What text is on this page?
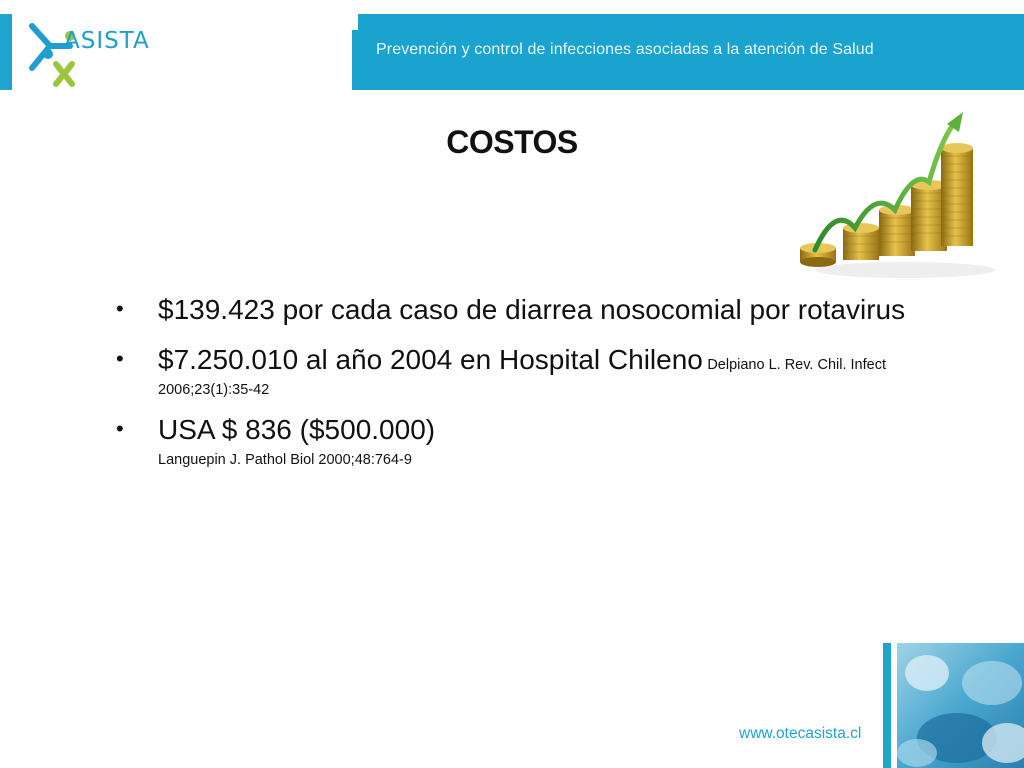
ASISTA	Prevención y control de infecciones asociadas a la atención de Salud
COSTOS
• $139.423 por cada caso de diarrea nosocomial por rotavirus
• $7.250.010 al año 2004 en Hospital Chileno Delpiano L. Rev. Chil. Infect 2006;23(1):35-42
• USA $ 836 ($500.000)
Languepin J. Pathol Biol 2000;48:764-9
www.otecasista.cl
